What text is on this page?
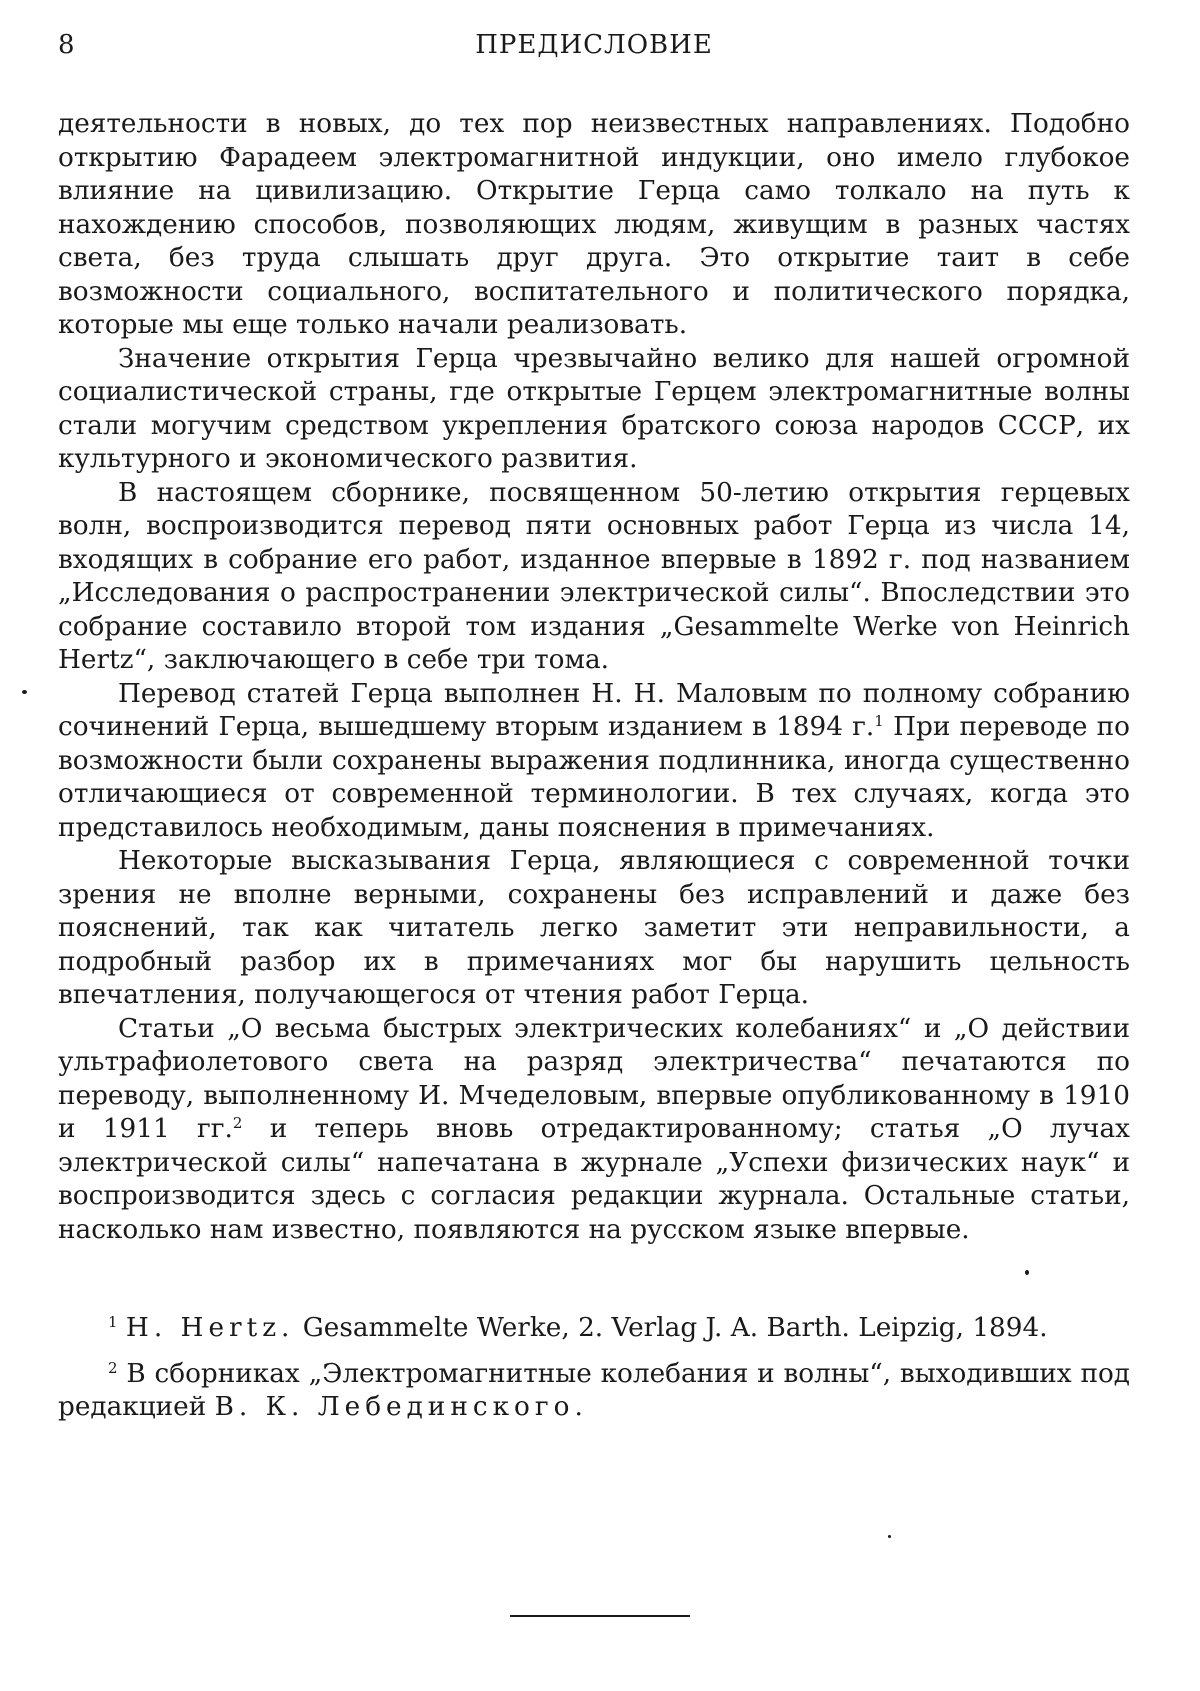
8	ПРЕДИСЛОВИЕ

деятельности в новых, до тех пор неизвестных направлениях. Подобно открытию Фарадеем электромагнитной индукции, оно имело глубокое влияние на цивилизацию. Открытие Герца само толкало на путь к нахождению способов, позволяющих людям, живущим в разных частях света, без труда слышать друг друга. Это открытие таит в себе возможности социального, воспитательного и политического порядка, которые мы еще только начали реализовать.

Значение открытия Герца чрезвычайно велико для нашей огромной социалистической страны, где открытые Герцем электромагнитные волны стали могучим средством укрепления братского союза народов СССР, их культурного и экономического развития.

В настоящем сборнике, посвященном 50-летию открытия герцевых волн, воспроизводится перевод пяти основных работ Герца из числа 14, входящих в собрание его работ, изданное впервые в 1892 г. под названием „Исследования о распространении электрической силы“. Впоследствии это собрание составило второй том издания „Gesammelte Werke von Heinrich Hertz“, заключающего в себе три тома.

Перевод статей Герца выполнен Н. Н. Маловым по полному собранию сочинений Герца, вышедшему вторым изданием в 1894 г.$^1$ При переводе по возможности были сохранены выражения подлинника, иногда существенно отличающиеся от современной терминологии. В тех случаях, когда это представилось необходимым, даны пояснения в примечаниях.

Некоторые высказывания Герца, являющиеся с современной точки зрения не вполне верными, сохранены без исправлений и даже без пояснений, так как читатель легко заметит эти неправильности, а подробный разбор их в примечаниях мог бы нарушить цельность впечатления, получающегося от чтения работ Герца.

Статьи „О весьма быстрых электрических колебаниях“ и „О действии ультрафиолетового света на разряд электричества“ печатаются по переводу, выполненному И. Мчеделовым, впервые опубликованному в 1910 и 1911 гг.$^2$ и теперь вновь отредактированному; статья „О лучах электрической силы“ напечатана в журнале „Успехи физических наук“ и воспроизводится здесь с согласия редакции журнала. Остальные статьи, насколько нам известно, появляются на русском языке впервые.

$^1$ H. Hertz. Gesammelte Werke, 2. Verlag J. A. Barth. Leipzig, 1894.

$^2$ В сборниках „Электромагнитные колебания и волны“, выходивших под редакцией В. К. Лебединского.
